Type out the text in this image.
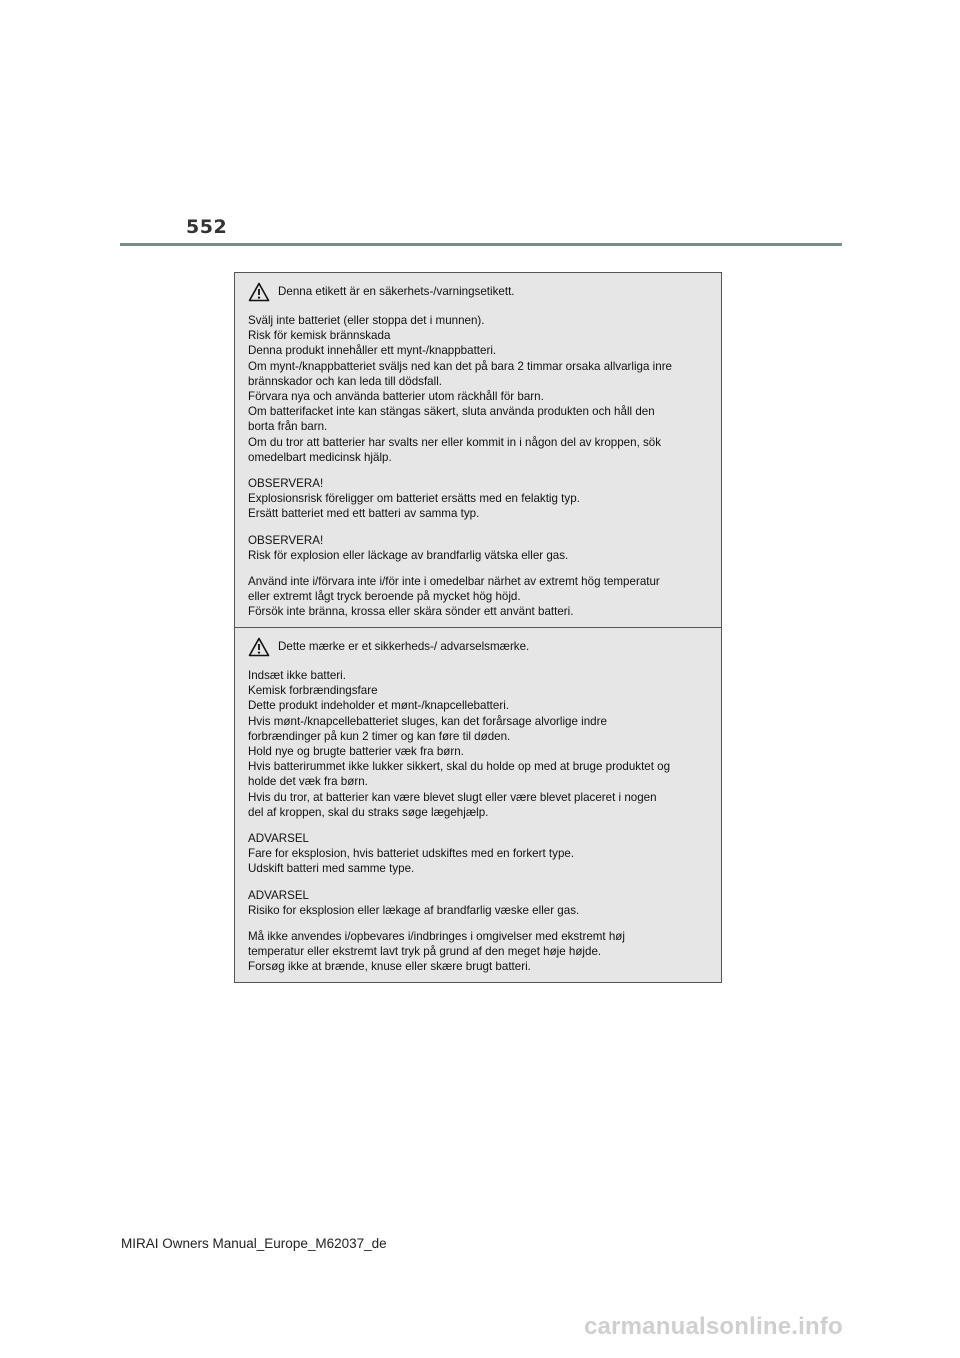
552
Denna etikett är en säkerhets-/varningsetikett.
Svälj inte batteriet (eller stoppa det i munnen).
Risk för kemisk brännskada
Denna produkt innehåller ett mynt-/knappbatteri.
Om mynt-/knappbatteriet sväljs ned kan det på bara 2 timmar orsaka allvarliga inre
brännskador och kan leda till dödsfall.
Förvara nya och använda batterier utom räckhåll för barn.
Om batterifacket inte kan stängas säkert, sluta använda produkten och håll den
borta från barn.
Om du tror att batterier har svalts ner eller kommit in i någon del av kroppen, sök
omedelbart medicinsk hjälp.
OBSERVERA!
Explosionsrisk föreligger om batteriet ersätts med en felaktig typ.
Ersätt batteriet med ett batteri av samma typ.
OBSERVERA!
Risk för explosion eller läckage av brandfarlig vätska eller gas.
Använd inte i/förvara inte i/för inte i omedelbar närhet av extremt hög temperatur
eller extremt lågt tryck beroende på mycket hög höjd.
Försök inte bränna, krossa eller skära sönder ett använt batteri.
Dette mærke er et sikkerheds-/ advarselsmærke.
Indsæt ikke batteri.
Kemisk forbrændingsfare
Dette produkt indeholder et mønt-/knapcellebatteri.
Hvis mønt-/knapcellebatteriet sluges, kan det forårsage alvorlige indre
forbrændinger på kun 2 timer og kan føre til døden.
Hold nye og brugte batterier væk fra børn.
Hvis batterirummet ikke lukker sikkert, skal du holde op med at bruge produktet og
holde det væk fra børn.
Hvis du tror, at batterier kan være blevet slugt eller være blevet placeret i nogen
del af kroppen, skal du straks søge lægehjælp.
ADVARSEL
Fare for eksplosion, hvis batteriet udskiftes med en forkert type.
Udskift batteri med samme type.
ADVARSEL
Risiko for eksplosion eller lækage af brandfarlig væske eller gas.
Må ikke anvendes i/opbevares i/indbringes i omgivelser med ekstremt høj
temperatur eller ekstremt lavt tryk på grund af den meget høje højde.
Forsøg ikke at brænde, knuse eller skære brugt batteri.
MIRAI Owners Manual_Europe_M62037_de
carmanualsonline.info
